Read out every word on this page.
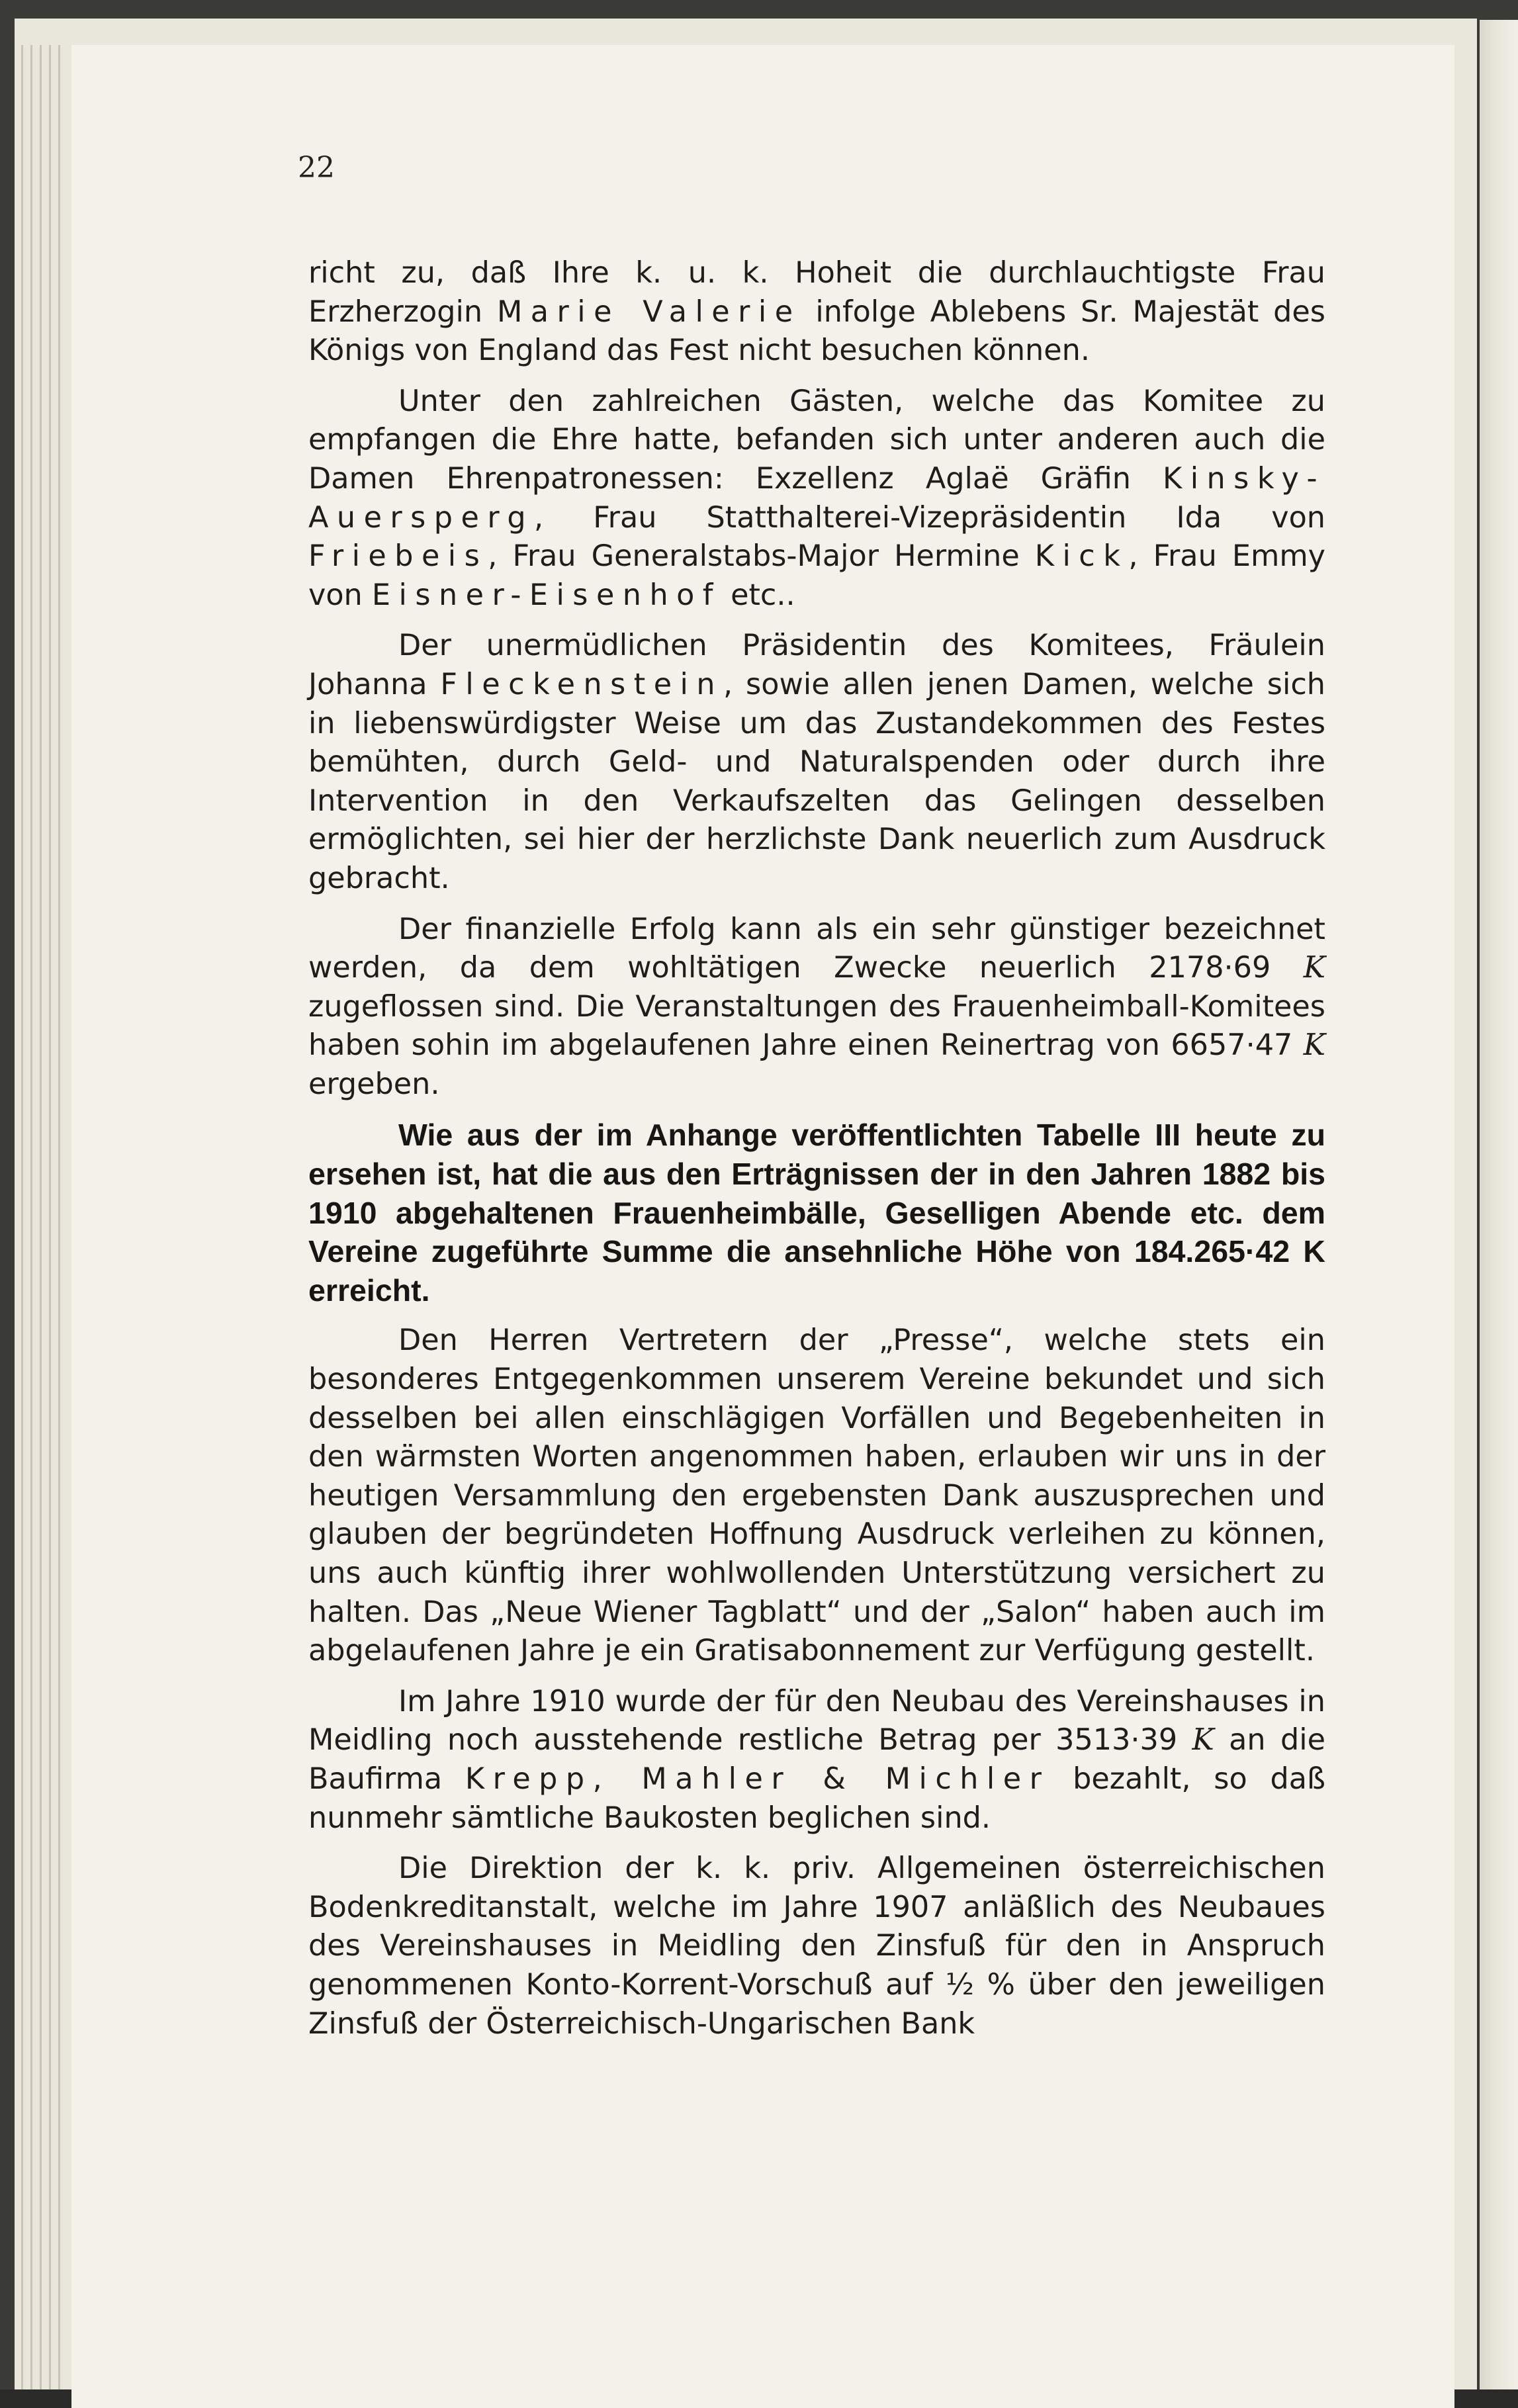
22

richt zu, daß Ihre k. u. k. Hoheit die durchlauchtigste Frau Erzherzogin Marie Valerie infolge Ablebens Sr. Majestät des Königs von England das Fest nicht besuchen können.

Unter den zahlreichen Gästen, welche das Komitee zu empfangen die Ehre hatte, befanden sich unter anderen auch die Damen Ehrenpatronessen: Exzellenz Aglaë Gräfin Kinsky-Auersperg, Frau Statthalterei-Vizepräsidentin Ida von Friebeis, Frau Generalstabs-Major Hermine Kick, Frau Emmy von Eisner-Eisenhof etc..

Der unermüdlichen Präsidentin des Komitees, Fräulein Johanna Fleckenstein, sowie allen jenen Damen, welche sich in liebenswürdigster Weise um das Zustandekommen des Festes bemühten, durch Geld- und Naturalspenden oder durch ihre Intervention in den Verkaufszelten das Gelingen desselben ermöglichten, sei hier der herzlichste Dank neuerlich zum Ausdruck gebracht.

Der finanzielle Erfolg kann als ein sehr günstiger bezeichnet werden, da dem wohltätigen Zwecke neuerlich 2178·69 K zugeflossen sind. Die Veranstaltungen des Frauenheimball-Komitees haben sohin im abgelaufenen Jahre einen Reinertrag von 6657·47 K ergeben.

Wie aus der im Anhange veröffentlichten Tabelle III heute zu ersehen ist, hat die aus den Erträgnissen der in den Jahren 1882 bis 1910 abgehaltenen Frauenheimbälle, Geselligen Abende etc. dem Vereine zugeführte Summe die ansehnliche Höhe von 184.265·42 K erreicht.

Den Herren Vertretern der „Presse“, welche stets ein besonderes Entgegenkommen unserem Vereine bekundet und sich desselben bei allen einschlägigen Vorfällen und Begebenheiten in den wärmsten Worten angenommen haben, erlauben wir uns in der heutigen Versammlung den ergebensten Dank auszusprechen und glauben der begründeten Hoffnung Ausdruck verleihen zu können, uns auch künftig ihrer wohlwollenden Unterstützung versichert zu halten. Das „Neue Wiener Tagblatt“ und der „Salon“ haben auch im abgelaufenen Jahre je ein Gratisabonnement zur Verfügung gestellt.

Im Jahre 1910 wurde der für den Neubau des Vereinshauses in Meidling noch ausstehende restliche Betrag per 3513·39 K an die Baufirma Krepp, Mahler & Michler bezahlt, so daß nunmehr sämtliche Baukosten beglichen sind.

Die Direktion der k. k. priv. Allgemeinen österreichischen Bodenkreditanstalt, welche im Jahre 1907 anläßlich des Neubaues des Vereinshauses in Meidling den Zinsfuß für den in Anspruch genommenen Konto-Korrent-Vorschuß auf ½ % über den jeweiligen Zinsfuß der Österreichisch-Ungarischen Bank
